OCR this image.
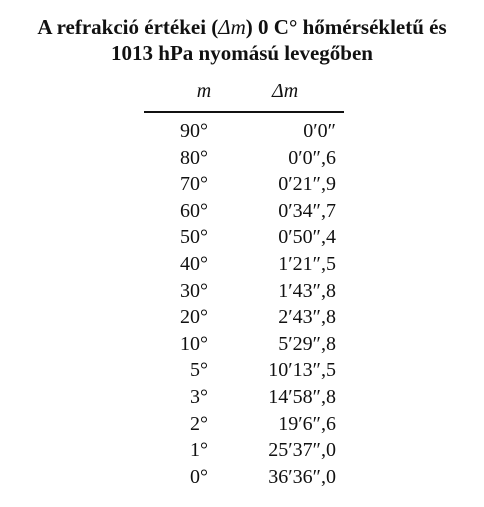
A refrakció értékei (Δm) 0 C° hőmérsékletű és
1013 hPa nyomású levegőben
m	Δm
90°	0′0″
80°	0′0″,6
70°	0′21″,9
60°	0′34″,7
50°	0′50″,4
40°	1′21″,5
30°	1′43″,8
20°	2′43″,8
10°	5′29″,8
5°	10′13″,5
3°	14′58″,8
2°	19′6″,6
1°	25′37″,0
0°	36′36″,0
